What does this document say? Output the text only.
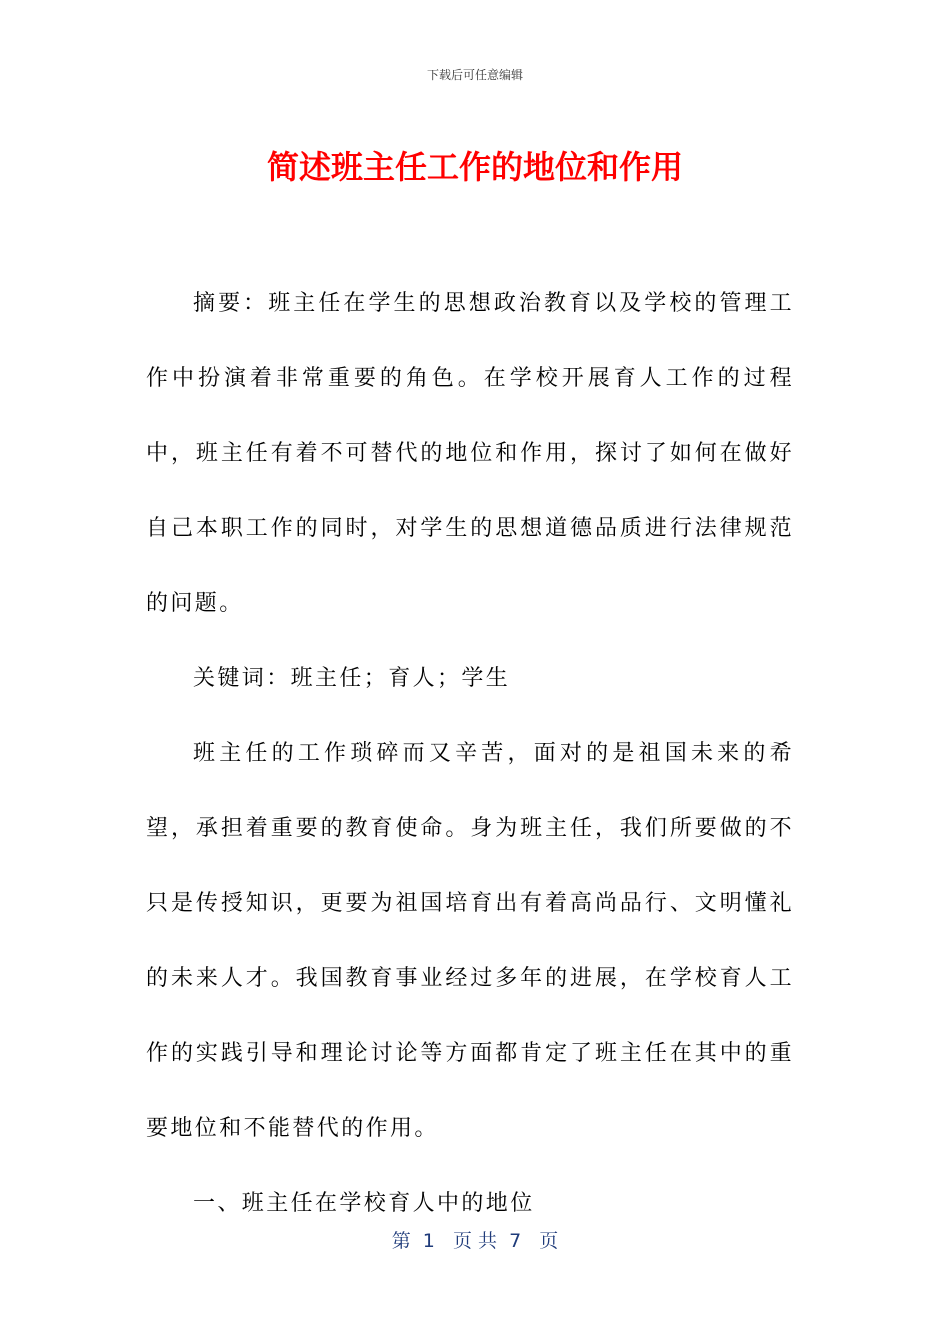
下载后可任意编辑
简述班主任工作的地位和作用

摘要：班主任在学生的思想政治教育以及学校的管理工作中扮演着非常重要的角色。在学校开展育人工作的过程中，班主任有着不可替代的地位和作用，探讨了如何在做好自己本职工作的同时，对学生的思想道德品质进行法律规范的问题。

关键词：班主任；育人；学生

班主任的工作琐碎而又辛苦，面对的是祖国未来的希望，承担着重要的教育使命。身为班主任，我们所要做的不只是传授知识，更要为祖国培育出有着高尚品行、文明懂礼的未来人才。我国教育事业经过多年的进展，在学校育人工作的实践引导和理论讨论等方面都肯定了班主任在其中的重要地位和不能替代的作用。

一、班主任在学校育人中的地位

第  1   页 共  7   页
